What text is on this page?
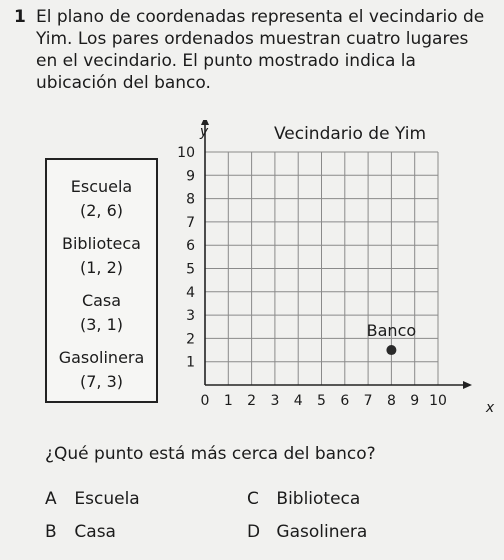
1 El plano de coordenadas representa el vecindario de Yim. Los pares ordenados muestran cuatro lugares en el vecindario. El punto mostrado indica la ubicación del banco.
Escuela
(2, 6)
Biblioteca
(1, 2)
Casa
(3, 1)
Gasolinera
(7, 3)
0 1 2 3 4 5 6 7 8 9 10
1
2
3
4
5
6
7
8
9
10
Banco
Vecindario de Yim
y
x
¿Qué punto está más cerca del banco?
A Escuela
B Casa
C Biblioteca
D Gasolinera
